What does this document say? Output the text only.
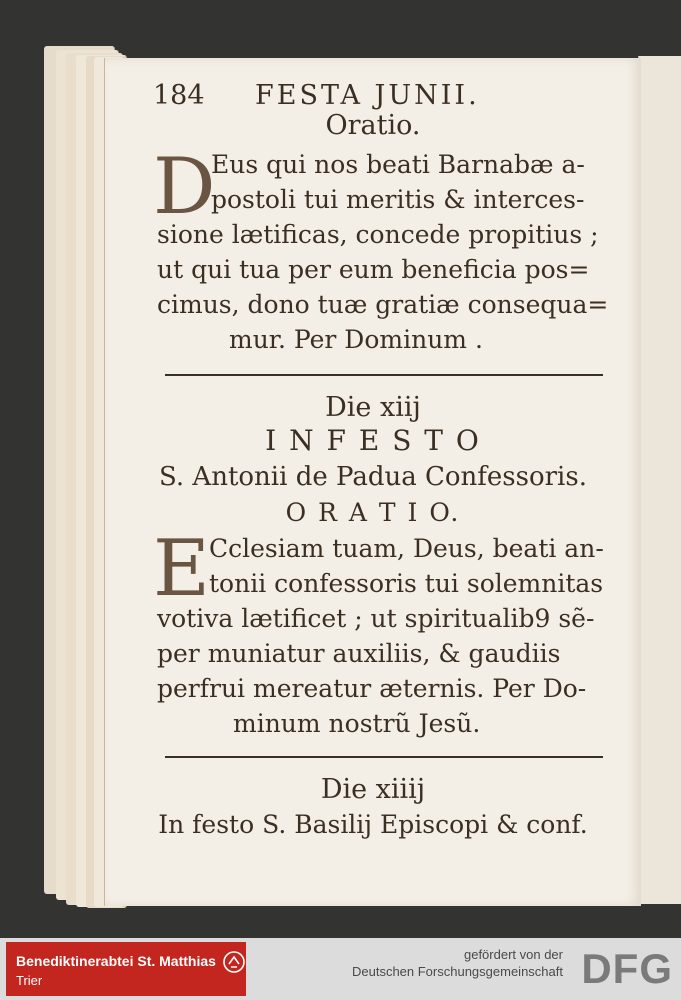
184 FESTA JUNII.
Oratio.
D
Eus qui nos beati Barnabæ a-
postoli tui meritis & interces-
sione lætificas, concede propitius ;
ut qui tua per eum beneficia pos=
cimus, dono tuæ gratiæ consequa=
mur. Per Dominum .
Die xiij
I N F E S T O
S. Antonii de Padua Confessoris.
O R A T I O.
E Cclesiam tuam, Deus, beati an-
tonii confessoris tui solemnitas
votiva lætificet ; ut spiritualib9 sẽ-
per muniatur auxiliis, & gaudiis
perfrui mereatur æternis. Per Do-
minum nostrũ Jesũ.
Die xiiij
In festo S. Basilij Episcopi & conf.
Benediktinerabtei St. Matthias
Trier
gefördert von der
Deutschen Forschungsgemeinschaft DFG
